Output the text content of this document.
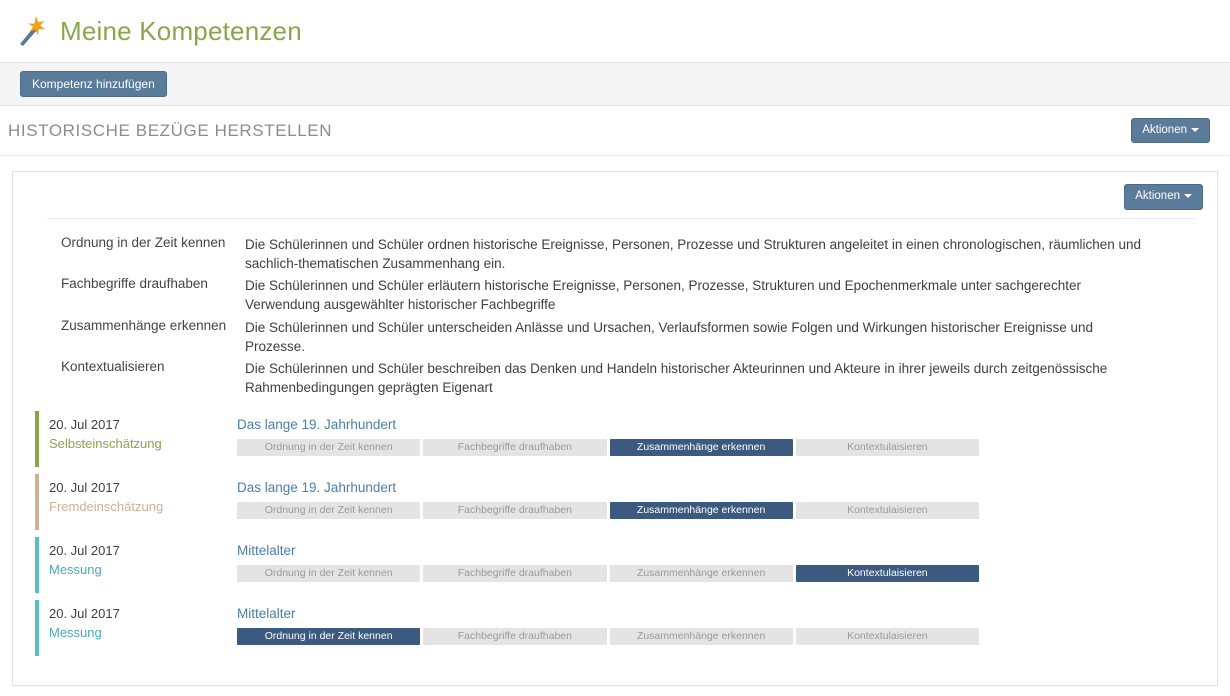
Meine Kompetenzen
Kompetenz hinzufügen
HISTORISCHE BEZÜGE HERSTELLEN	Aktionen
Aktionen
Ordnung in der Zeit kennen	Die Schülerinnen und Schüler ordnen historische Ereignisse, Personen, Prozesse und Strukturen angeleitet in einen chronologischen, räumlichen und sachlich-thematischen Zusammenhang ein.
Fachbegriffe draufhaben	Die Schülerinnen und Schüler erläutern historische Ereignisse, Personen, Prozesse, Strukturen und Epochenmerkmale unter sachgerechter Verwendung ausgewählter historischer Fachbegriffe
Zusammenhänge erkennen	Die Schülerinnen und Schüler unterscheiden Anlässe und Ursachen, Verlaufsformen sowie Folgen und Wirkungen historischer Ereignisse und Prozesse.
Kontextualisieren	Die Schülerinnen und Schüler beschreiben das Denken und Handeln historischer Akteurinnen und Akteure in ihrer jeweils durch zeitgenössische Rahmenbedingungen geprägten Eigenart
20. Jul 2017
Selbsteinschätzung
Das lange 19. Jahrhundert
Ordnung in der Zeit kennen	Fachbegriffe draufhaben	Zusammenhänge erkennen	Kontextulaisieren
20. Jul 2017
Fremdeinschätzung
Das lange 19. Jahrhundert
Ordnung in der Zeit kennen	Fachbegriffe draufhaben	Zusammenhänge erkennen	Kontextulaisieren
20. Jul 2017
Messung
Mittelalter
Ordnung in der Zeit kennen	Fachbegriffe draufhaben	Zusammenhänge erkennen	Kontextulaisieren
20. Jul 2017
Messung
Mittelalter
Ordnung in der Zeit kennen	Fachbegriffe draufhaben	Zusammenhänge erkennen	Kontextulaisieren
